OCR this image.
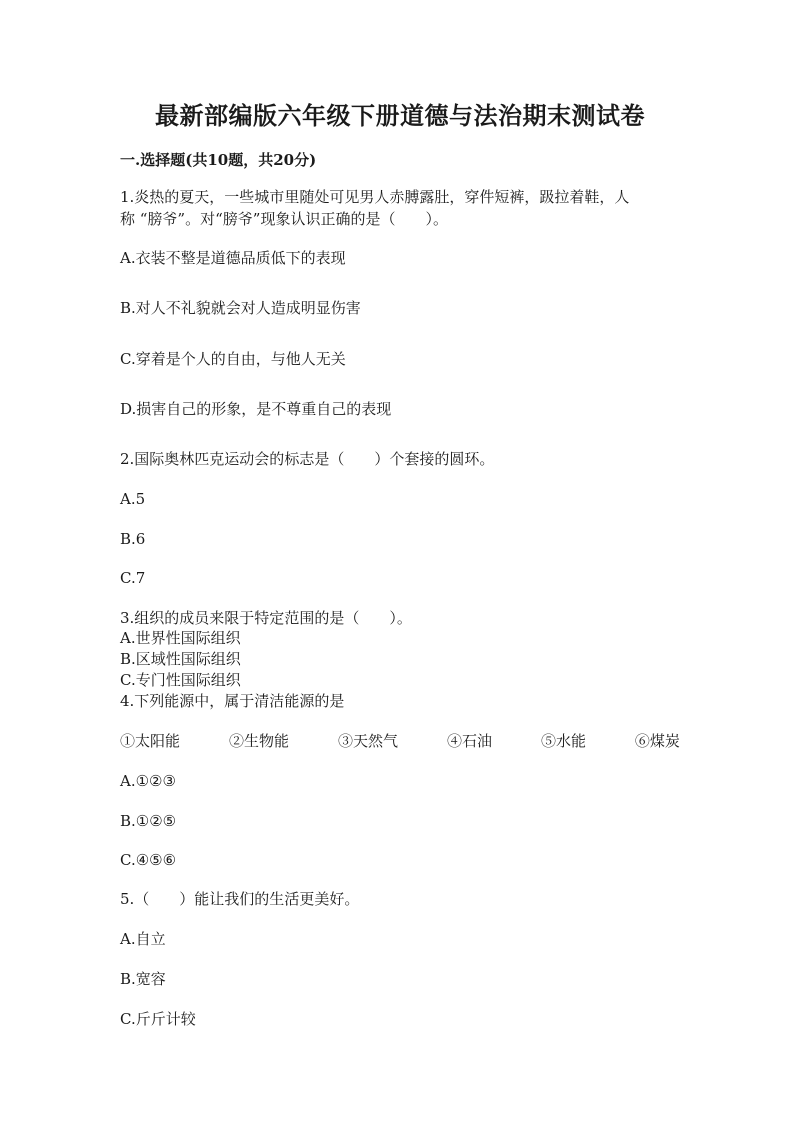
最新部编版六年级下册道德与法治期末测试卷
一.选择题(共10题，共20分)
1.炎热的夏天，一些城市里随处可见男人赤膊露肚，穿件短裤，趿拉着鞋，人
称 “膀爷”。对“膀爷”现象认识正确的是（　　）。
A.衣装不整是道德品质低下的表现
B.对人不礼貌就会对人造成明显伤害
C.穿着是个人的自由，与他人无关
D.损害自己的形象，是不尊重自己的表现
2.国际奥林匹克运动会的标志是（　　）个套接的圆环。
A.5
B.6
C.7
3.组织的成员来限于特定范围的是（　　）。
A.世界性国际组织
B.区域性国际组织
C.专门性国际组织
4.下列能源中，属于清洁能源的是
①太阳能	②生物能	③天然气	④石油	⑤水能	⑥煤炭
A.①②③
B.①②⑤
C.④⑤⑥
5.（　　）能让我们的生活更美好。
A.自立
B.宽容
C.斤斤计较
